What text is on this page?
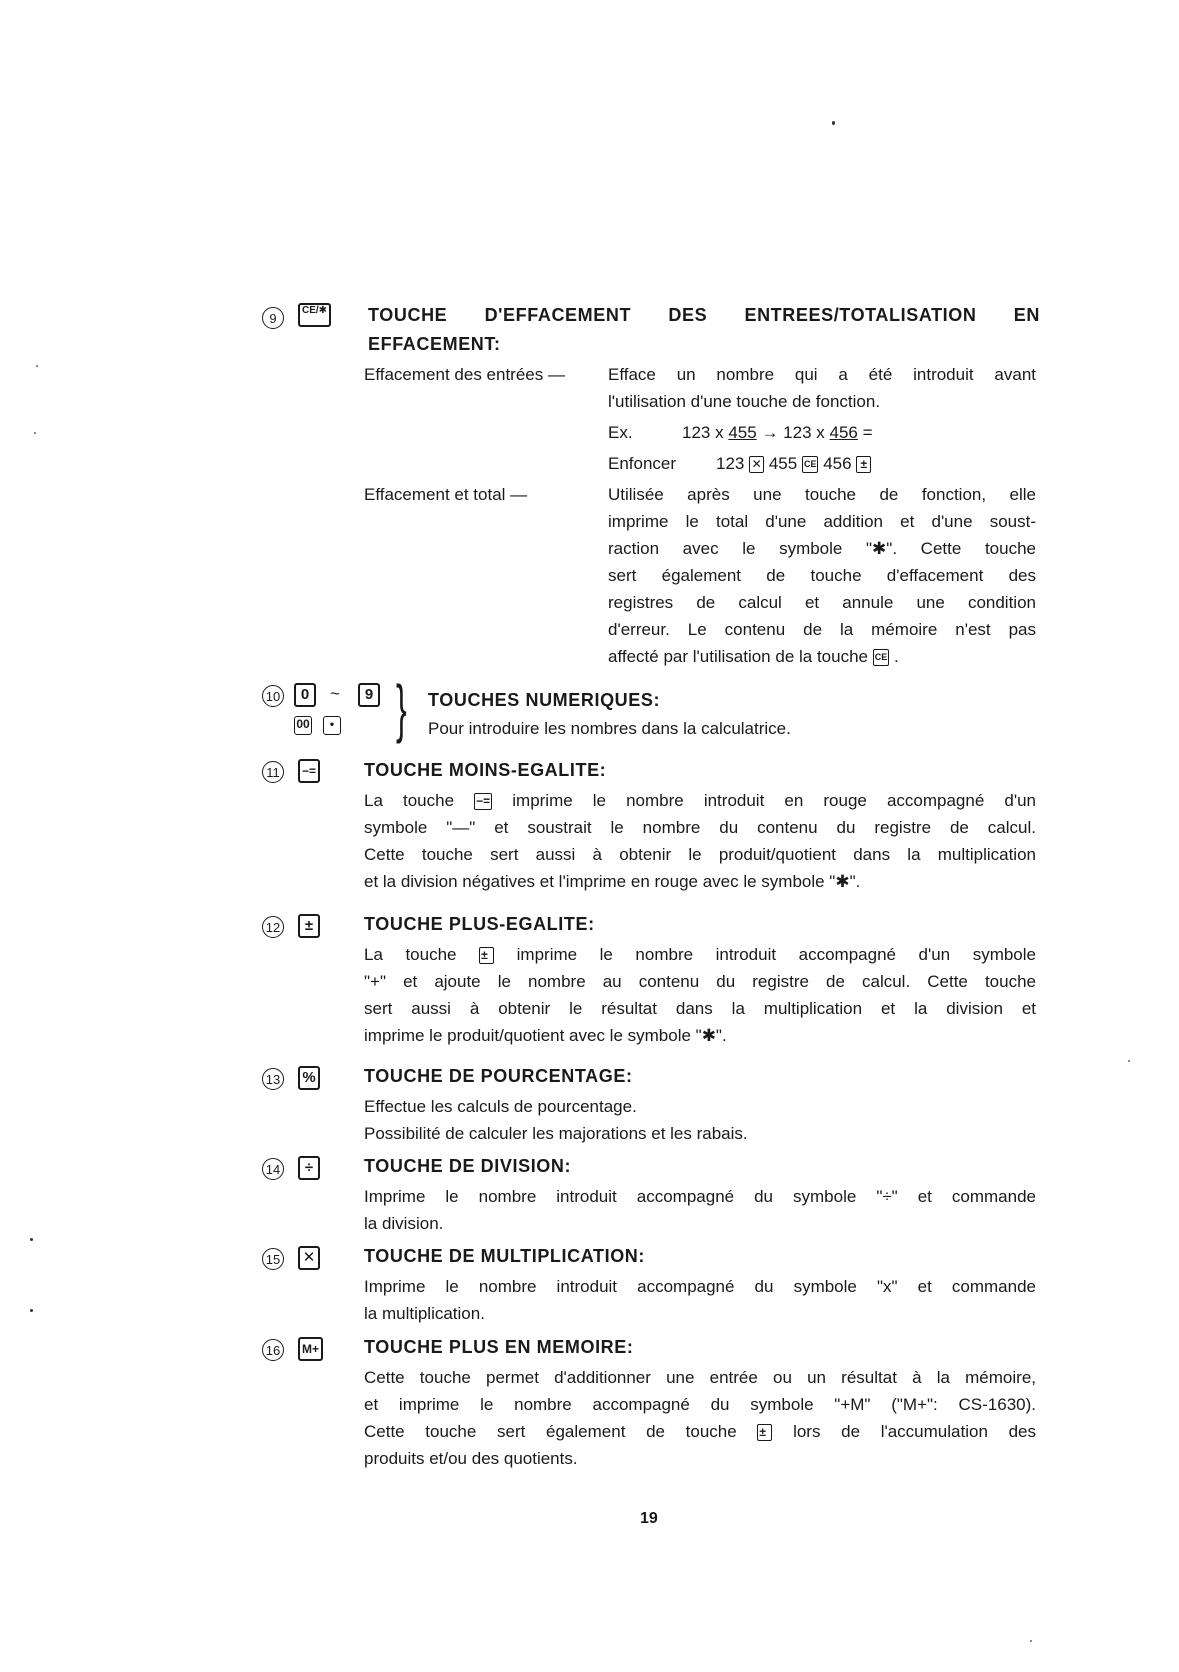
9
CE/✱ TOUCHE D'EFFACEMENT DES ENTREES/TOTALISATION EN
EFFACEMENT:
Effacement des entrées —	Efface un nombre qui a été introduit avant
l'utilisation d'une touche de fonction.
Ex.	123 x 455 → 123 x 456 =
Enfoncer 123 ✕ 455 CE 456 ±
Effacement et total —	Utilisée après une touche de fonction, elle
imprime le total d'une addition et d'une soust-
raction avec le symbole "✱". Cette touche
sert également de touche d'effacement des
registres de calcul et annule une condition
d'erreur. Le contenu de la mémoire n'est pas
affecté par l'utilisation de la touche CE .
10	0	~	9
00	• } TOUCHES NUMERIQUES:
Pour introduire les nombres dans la calculatrice.
11	−=	TOUCHE MOINS-EGALITE:
La touche −= imprime le nombre introduit en rouge accompagné d'un
symbole "—" et soustrait le nombre du contenu du registre de calcul.
Cette touche sert aussi à obtenir le produit/quotient dans la multiplication
et la division négatives et l'imprime en rouge avec le symbole "✱".
12	±	TOUCHE PLUS-EGALITE:
La touche ± imprime le nombre introduit accompagné d'un symbole
"+" et ajoute le nombre au contenu du registre de calcul. Cette touche
sert aussi à obtenir le résultat dans la multiplication et la division et
imprime le produit/quotient avec le symbole "✱".
13 %	TOUCHE DE POURCENTAGE:
Effectue les calculs de pourcentage.
Possibilité de calculer les majorations et les rabais.
14	÷	TOUCHE DE DIVISION:
Imprime le nombre introduit accompagné du symbole "÷" et commande
la division.
15	✕	TOUCHE DE MULTIPLICATION:
Imprime le nombre introduit accompagné du symbole "x" et commande
la multiplication.
16	M+ TOUCHE PLUS EN MEMOIRE:
Cette touche permet d'additionner une entrée ou un résultat à la mémoire,
et imprime le nombre accompagné du symbole "+M" ("M+": CS-1630).
Cette touche sert également de touche ± lors de l'accumulation des
produits et/ou des quotients.
19
